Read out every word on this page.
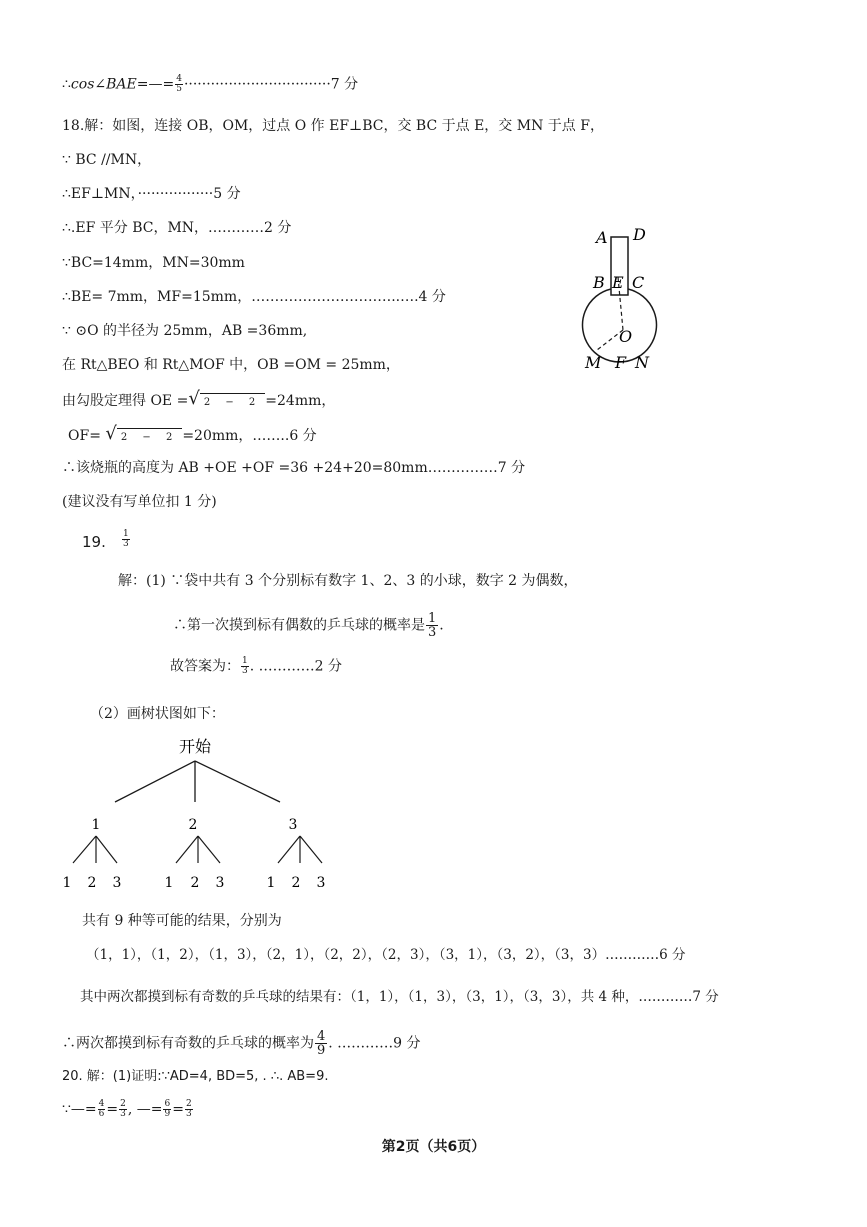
∴cos∠BAE=—= $\frac{4}{5} \cdot\cdot\cdot\cdot\cdot\cdot\cdot\cdot\cdot\cdot\cdot\cdot\cdot\cdot\cdot\cdot\cdot\cdot\cdot\cdot\cdot\cdot\cdot\cdot\cdot\cdot\cdot\cdot\cdot\cdot\cdot\cdot\cdot 7$ 分
18.解：如图，连接 OB，OM，过点 O 作 EF⊥BC，交 BC 于点 E，交 MN 于点 F，
∵ BC //MN，
∴EF⊥MN，·················5 分
∴.EF 平分 BC，MN，…………2 分
∵BC=14mm，MN=30mm
∴BE= 7mm，MF=15mm，…………………………..….4 分
∵ ⊙O 的半径为 25mm，AB =36mm,
在 Rt△BEO 和 Rt△MOF 中，OB =OM = 25mm，
由勾股定理得 OE =√ 2 − 2 =24mm，
OF= √ 2 − 2 =20mm，……..6 分
∴该烧瓶的高度为 AB +OE +OF =36 +24+20=80mm……………7 分
(建议没有写单位扣 1 分)
A D
B E C
O
M F N
19. $\frac{1}{3}$
解：(1) ∵袋中共有 3 个分别标有数字 1、2、3 的小球，数字 2 为偶数，
∴第一次摸到标有偶数的乒乓球的概率是 $\frac{1}{3}$ .
故答案为： $\frac{1}{3}$ . …………2 分
（2）画树状图如下：
开始
1	2	3
1 2 3	1 2 3	1 2 3
共有 9 种等可能的结果，分别为
（1，1），（1，2），（1，3），（2，1），（2，2），（2，3），（3，1），（3，2），（3，3）…………6 分
其中两次都摸到标有奇数的乒乓球的结果有：（1，1），（1，3），（3，1），（3，3），共 4 种，…………7 分
∴两次都摸到标有奇数的乒乓球的概率为 $\frac{4}{9}$ . …………9 分
20. 解：(1)证明:∵AD=4, BD=5, . ∴. AB=9.
∵—= $\frac{4}{6} = \frac{2}{3}$ , —= $\frac{6}{9} = \frac{2}{3}$
第2页（共6页）
